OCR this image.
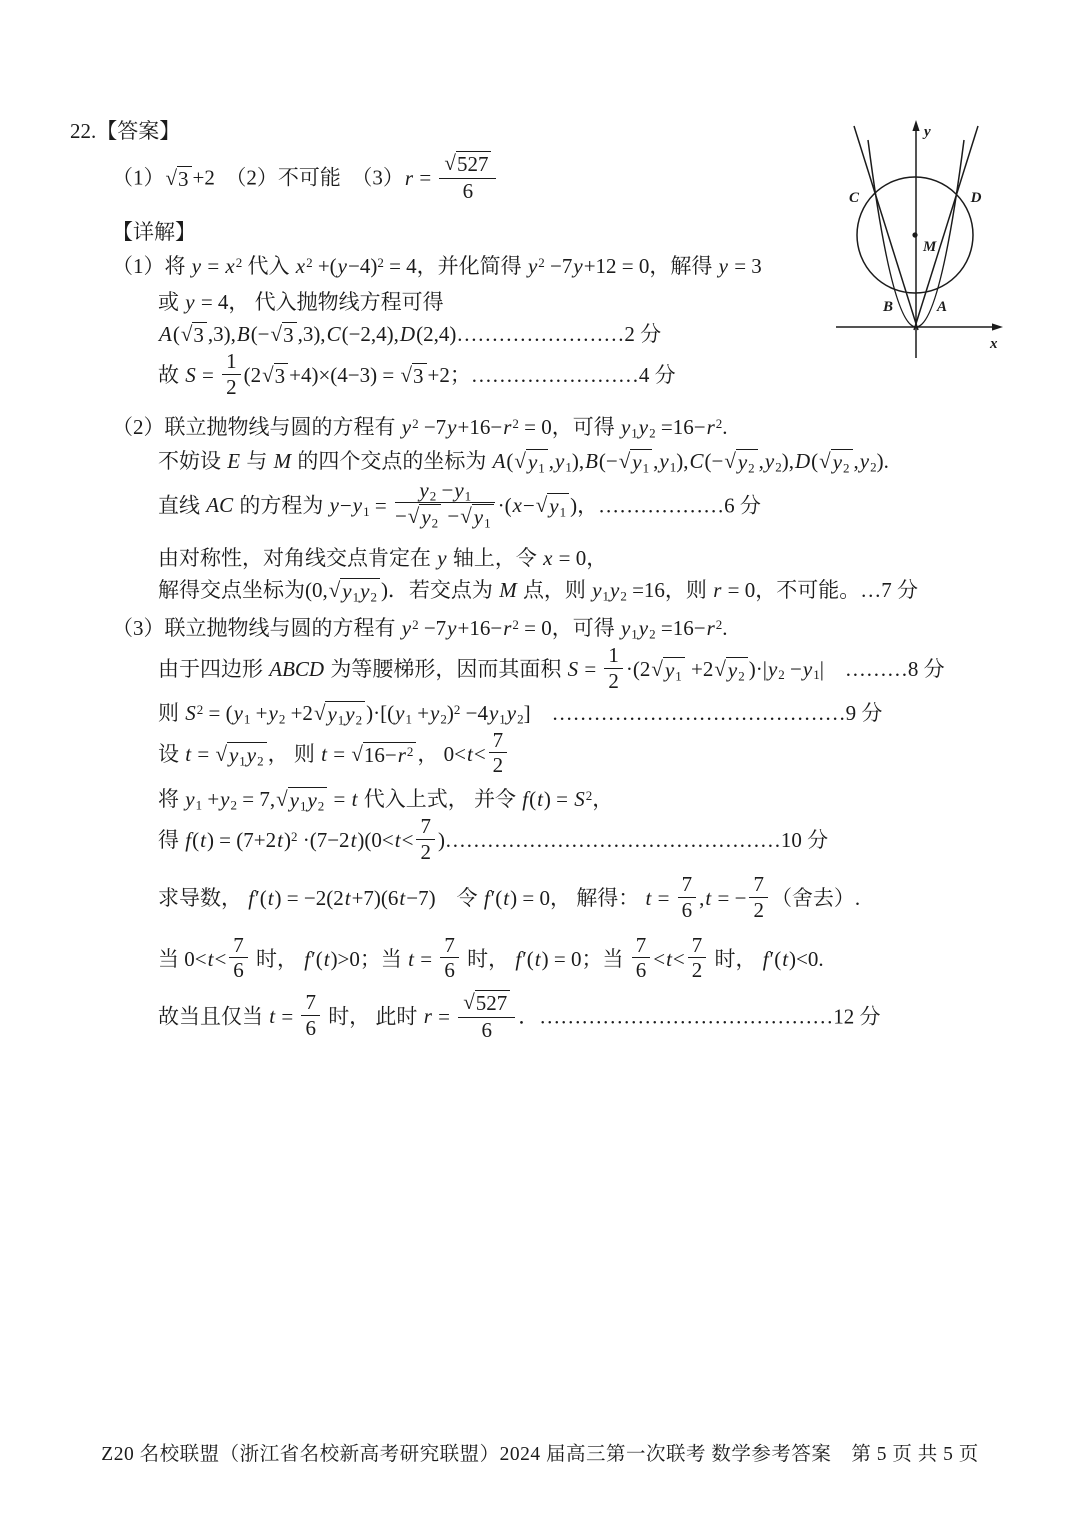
22.【答案】
（1） √ 3 +2　（2）不可能　$(3)r = \frac{√ 527}{6}$
【详解】
（1）将 $y = x^2$ 代入 $x^2 +(y-4)^2 = 4$，并化简得 $y^2 -7y+12 = 0$，解得 y = 3
或 y = 4， 代入抛物线方程可得
A( √ 3 ,3),B(− √ 3 ,3),C(−2,4),D(2,4)……………………2 分
故 $S = \frac{1}{2} (2$ √ 3 +4)×(4−3) = √ 3 +2；……………………4 分
（2）联立抛物线与圆的方程有 $y^2 -7y+16-r^2 = 0$，可得 $y_1y_2 =16-r^2$.
不妨设 E 与 M 的四个交点的坐标为 A( √ $y_1$ $,y_1),B(-$ √ $y_1$ $,y_1),C(-$ √ $y_2$ $,y_2),D$( √ $y_2$ $,y_2$).
直线 AC 的方程为 $y-y_1 = \frac{y_2 -y_1}{- √ y_2 - √ y_1} \cdot(x-$ √ $y_1$ )，………………6 分
由对称性，对角线交点肯定在 y 轴上，令 x = 0，
解得交点坐标为(0, √ $y_1y_2$ )．若交点为 M 点，则 $y_1y_2 =16$，则 r = 0，不可能。…7 分
（3）联立抛物线与圆的方程有 $y^2 -7y+16-r^2 = 0$，可得 $y_1y_2 =16-r^2$.
由于四边形 ABCD 为等腰梯形，因而其面积 $S = \frac{1}{2} \cdot(2$ √ $y_1 +2$ √ $y_2$ )$\cdot|y_2 -y_1|$　………8 分
则 $S^2 = (y_1 +y_2 +2$ √ $y_1y_2$ )$\cdot[(y_1 +y_2)^2 -4y_1y_2]$　……………………………………9 分
设 t = √ $y_1y_2$ ， 则 t = √ $16-r^2$ ， $0<t< \frac{7}{2}$
将 $y_1 +y_2 = 7$, √ $y_1y_2 = t$ 代入上式， 并令 $f(t) = S^2$，
得 $f(t) = (7+2t)^2 \cdot(7-2t)(0<t< \frac{7}{2}$ )…………………………………………10 分
求导数， f′(t) = −2(2t+7)(6t−7)　令 f′(t) = 0， 解得： $t = \frac{7}{6} ,t$ = − $\frac{7}{2}$ （舍去）.
当 $0<t< \frac{7}{6}$ 时， f′(t)>0；当 $t = \frac{7}{6}$ 时， f′(t) = 0；当 $\frac{7}{6} <t< \frac{7}{2}$ 时， f′(t)<0.
故当且仅当 $t = \frac{7}{6}$ 时， 此时 $r = \frac{√ 527}{6}$ ．……………………………………12 分
y
x
C	D
M
B	A
Z20 名校联盟（浙江省名校新高考研究联盟）2024 届高三第一次联考 数学参考答案　第 5 页 共 5 页
